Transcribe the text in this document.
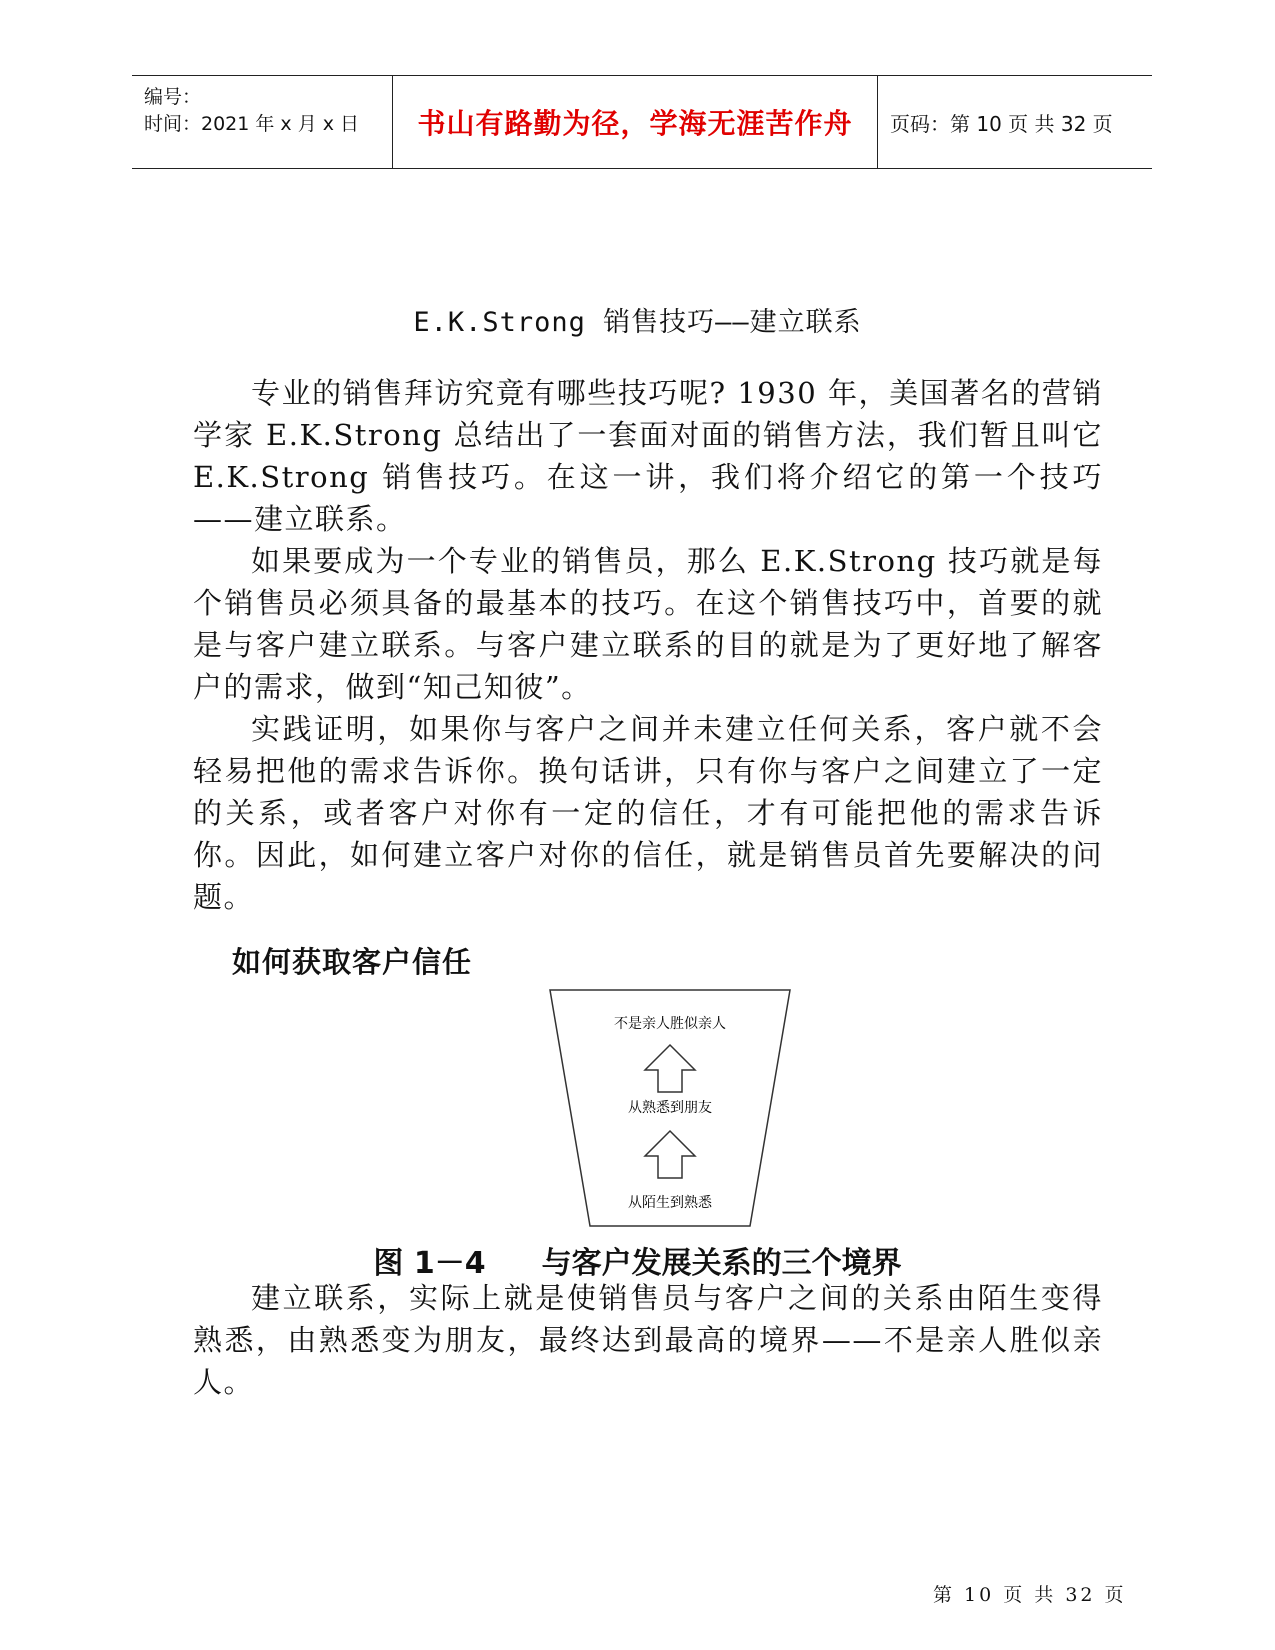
编号：
时间：2021 年 x 月 x 日 书山有路勤为径，学海无涯苦作舟 页码：第 10 页 共 32 页
E.K.Strong 销售技巧——建立联系

专业的销售拜访究竟有哪些技巧呢? 1930 年，美国著名的营销学家 E.K.Strong 总结出了一套面对面的销售方法，我们暂且叫它 E.K.Strong 销售技巧。在这一讲，我们将介绍它的第一个技巧——建立联系。

如果要成为一个专业的销售员，那么 E.K.Strong 技巧就是每个销售员必须具备的最基本的技巧。在这个销售技巧中，首要的就是与客户建立联系。与客户建立联系的目的就是为了更好地了解客户的需求，做到“知己知彼”。

实践证明，如果你与客户之间并未建立任何关系，客户就不会轻易把他的需求告诉你。换句话讲，只有你与客户之间建立了一定的关系，或者客户对你有一定的信任，才有可能把他的需求告诉你。因此，如何建立客户对你的信任，就是销售员首先要解决的问题。

如何获取客户信任
不是亲人胜似亲人
从熟悉到朋友
从陌生到熟悉
图 1－4 与客户发展关系的三个境界

建立联系，实际上就是使销售员与客户之间的关系由陌生变得熟悉，由熟悉变为朋友，最终达到最高的境界——不是亲人胜似亲人。

第 10 页 共 32 页
